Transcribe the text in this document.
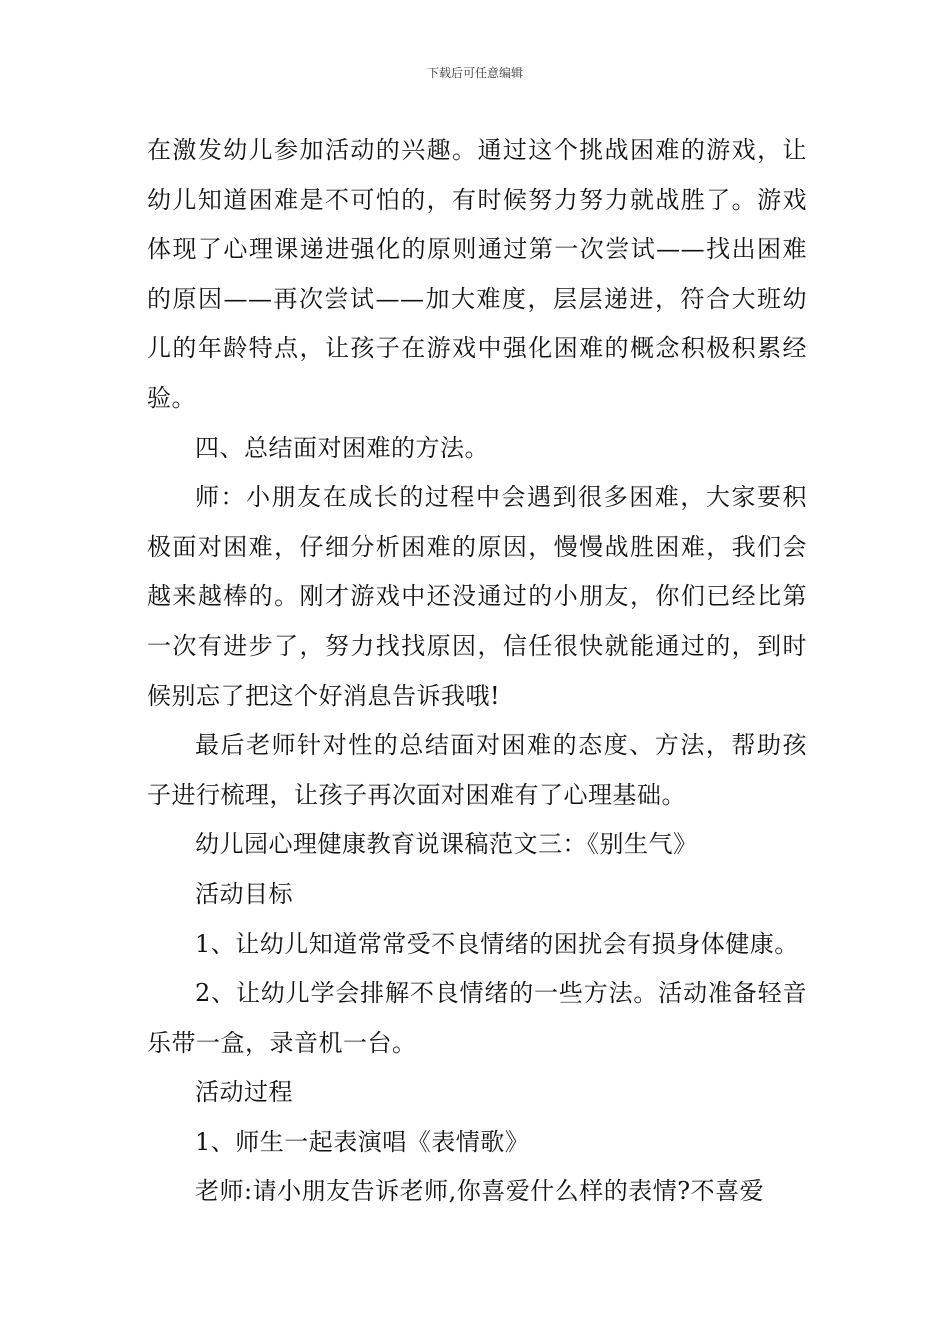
下载后可任意编辑

在激发幼儿参加活动的兴趣。通过这个挑战困难的游戏，让幼儿知道困难是不可怕的，有时候努力努力就战胜了。游戏体现了心理课递进强化的原则通过第一次尝试——找出困难的原因——再次尝试——加大难度，层层递进，符合大班幼儿的年龄特点，让孩子在游戏中强化困难的概念积极积累经验。

四、总结面对困难的方法。

师：小朋友在成长的过程中会遇到很多困难，大家要积极面对困难，仔细分析困难的原因，慢慢战胜困难，我们会越来越棒的。刚才游戏中还没通过的小朋友，你们已经比第一次有进步了，努力找找原因，信任很快就能通过的，到时候别忘了把这个好消息告诉我哦!

最后老师针对性的总结面对困难的态度、方法，帮助孩子进行梳理，让孩子再次面对困难有了心理基础。

幼儿园心理健康教育说课稿范文三：《别生气》

活动目标

1、让幼儿知道常常受不良情绪的困扰会有损身体健康。

2、让幼儿学会排解不良情绪的一些方法。活动准备轻音乐带一盒，录音机一台。

活动过程

1、师生一起表演唱《表情歌》

老师:请小朋友告诉老师,你喜爱什么样的表情?不喜爱
